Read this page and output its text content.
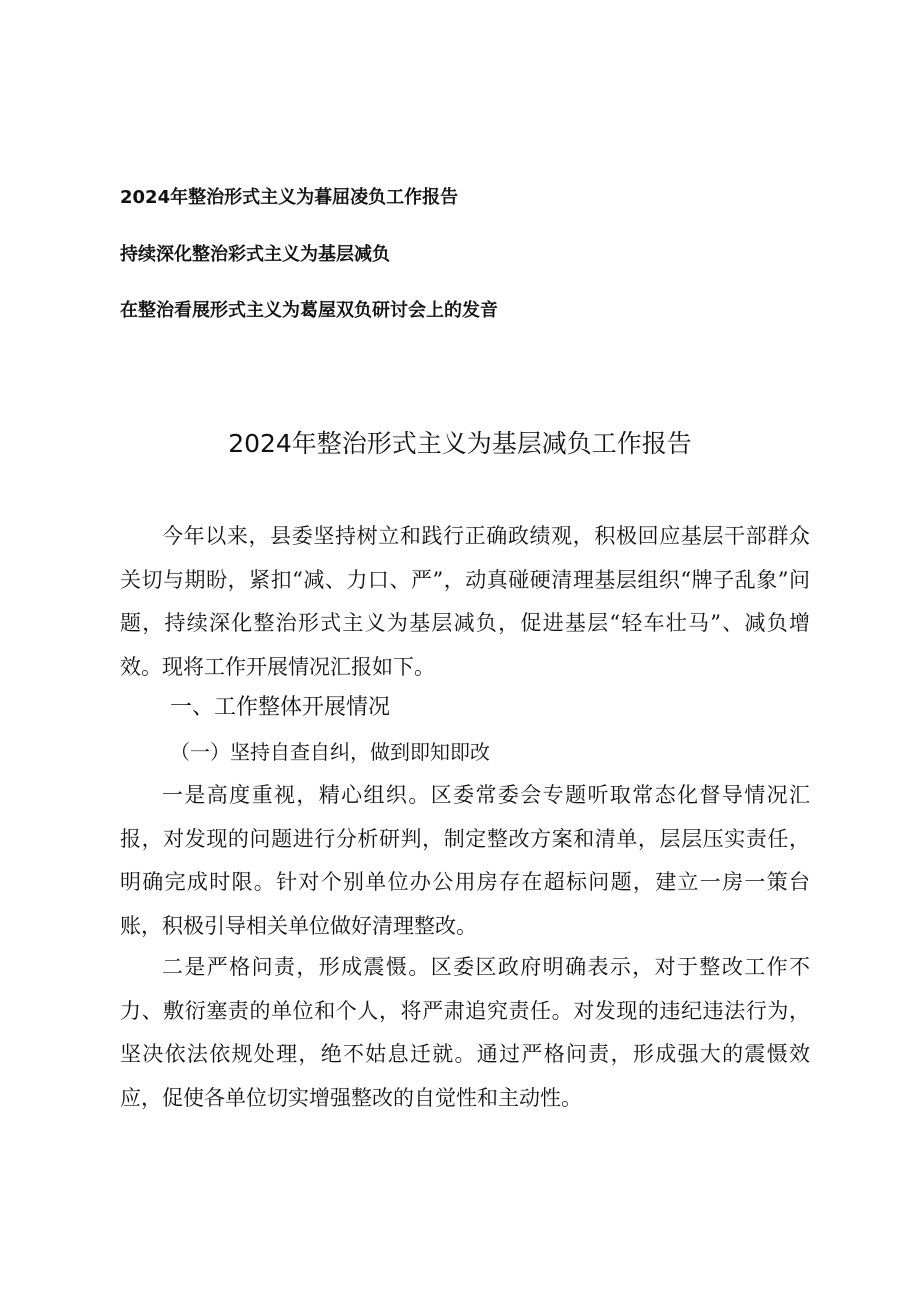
2024年整治形式主义为暮屈凌负工作报告
持续深化整治彩式主义为基层减负
在整治看展形式主义为葛屋双负研讨会上的发音
2024年整治形式主义为基层减负工作报告

今年以来，县委坚持树立和践行正确政绩观，积极回应基层干部群众关切与期盼，紧扣“减、力口、严”，动真碰硬清理基层组织“牌子乱象”问题，持续深化整治形式主义为基层减负，促进基层“轻车壮马”、减负增效。现将工作开展情况汇报如下。

一、工作整体开展情况
（一）坚持自查自纠，做到即知即改

一是高度重视，精心组织。区委常委会专题听取常态化督导情况汇报，对发现的问题进行分析研判，制定整改方案和清单，层层压实责任，明确完成时限。针对个别单位办公用房存在超标问题，建立一房一策台账，积极引导相关单位做好清理整改。

二是严格问责，形成震慑。区委区政府明确表示，对于整改工作不力、敷衍塞责的单位和个人，将严肃追究责任。对发现的违纪违法行为，坚决依法依规处理，绝不姑息迁就。通过严格问责，形成强大的震慑效应，促使各单位切实增强整改的自觉性和主动性。
